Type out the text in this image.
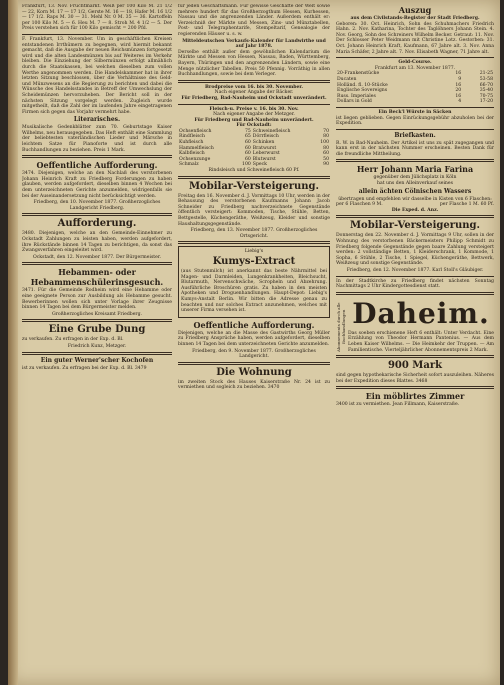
Frankfurt, 13. Nov. Fruchtmarkt. Weiß per 100 Kilo M. 21 1/2 — 22, Korn M. 17 — 17 1/2, Gerste M. 16 — 18, Hafer M. 16 1/2 — 17 1/2. Raps M. 30 — 31. Mehl Nr. 0 M. 35 — 36. Kartoffeln per 100 Kilo M. 5 — 6. Heu M. 7 — 8. Stroh M. 4 1/2 — 5. Der Preis verstehen sich für 100 Kilo gemischt = 200 Pfd.

F. Frankfurt, 13. November. Um in geschäftlichen Kreisen entstandenen Irrthümern zu begegnen, wird hiermit bekannt gemacht, daß die Ausgabe der neuen Reichsmünzen fortgesetzt wird und die alten Landesmünzen bis auf Weiteres im Verkehr bleiben. Die Einziehung der Silbermünzen erfolgt allmählich durch die Staatskassen, bei welchen dieselben zum vollen Werthe angenommen werden. Die Handelskammer hat in ihrer letzten Sitzung beschlossen, über die Verhältnisse des Geld- und Münzwesens an die Regierung zu berichten und dabei die Wünsche des Handelsstandes in Betreff der Umwechslung der Scheidemünzen hervorzuheben. Der Bericht soll in der nächsten Sitzung vorgelegt werden. Zugleich wurde mitgetheilt, daß die Zahl der im laufenden Jahre eingetragenen Firmen sich gegen das Vorjahr vermehrt habe.

Literarisches.

Musikalische Gedenkblätter zum 70. Geburtstage Kaiser Wilhelms, neu herausgegeben. Das Heft enthält eine Sammlung der beliebtesten vaterländischen Lieder und Märsche in leichtem Satze für Pianoforte und ist durch alle Buchhandlungen zu beziehen. Preis 1 Mark.

Oeffentliche Aufforderung.

3474. Diejenigen, welche an den Nachlaß des verstorbenen Johann Heinrich Kraft zu Friedberg Forderungen zu haben glauben, werden aufgefordert, dieselben binnen 4 Wochen bei dem unterzeichneten Gerichte anzumelden, widrigenfalls sie bei der Auseinandersetzung nicht berücksichtigt werden.

Friedberg, den 10. November 1877. Großherzogliches Landgericht Friedberg.

Aufforderung.

3480. Diejenigen, welche an den Gemeinde-Einnehmer zu Ockstadt Zahlungen zu leisten haben, werden aufgefordert, ihre Rückstände binnen 14 Tagen zu berichtigen, da sonst das Zwangsverfahren eingeleitet wird.

Ockstadt, den 12. November 1877. Der Bürgermeister.

Hebammen- oder Hebammenschülerinsgesuch.

3471. Für die Gemeinde Rodheim wird eine Hebamme oder eine geeignete Person zur Ausbildung als Hebamme gesucht. Bewerberinnen wollen sich unter Vorlage ihrer Zeugnisse binnen 14 Tagen bei dem Bürgermeister melden.

Großherzogliches Kreisamt Friedberg.

Eine Grube Dung

zu verkaufen. Zu erfragen in der Exp. d. Bl.

Friedrich Kunz, Metzger.

Ein guter Werner'scher Kochofen

ist zu verkaufen. Zu erfragen bei der Exp. d. Bl. 3479

für jeden Geschäftsmann. Für gewisse Geschäfte der Welt sowie mehrere hundert für das Großherzogthum Hessen, Kurhessen, Nassau und die angrenzenden Länder. Außerdem enthält er: Verzeichniß der Märkte und Messen, Zins- und Münztabellen, Post- und Telegraphentarife, Stempeltarif, Genealogie der regierenden Häuser u. s. w.

Mitteldeutschen Verkaufs-Kalender für Landwirthe und auf Jahr 1878.

Derselbe enthält außer dem gewöhnlichen Kalendarium die Märkte und Messen von Hessen, Nassau, Baden, Württemberg, Bayern, Thüringen und den angrenzenden Ländern, sowie eine Menge nützlicher Tabellen. Preis 50 Pfennig. Vorräthig in allen Buchhandlungen, sowie bei dem Verleger.

Brodpreise vom 16. bis 30. November.

Nach eigener Angabe der Bäcker.

Für Friedberg, Bad-Nauheim und Ockstadt unverändert.

Fleisch-u. Preise v. 16. bis 30. Nov.

Nach eigener Angabe der Metzger.

Für Friedberg und Bad-Nauheim unverändert.

Für Ockstadt:

Ochsenfleisch	75	Schweinefleisch	70
Rindfleisch	65	Dörrfleisch	80
Kuhfleisch	60	Schinken	100
Hammelfleisch	60	Bratwurst	80
Kalbfleisch	60	Leberwurst	60
Ochsenzunge	60	Blutwurst	50
Schmalz	100	Speck	90

Rindsleisch und Schweinefleisch 60 Pf.

Mobilar-Versteigerung.

Freitag den 16. November d. J. Vormittags 10 Uhr, werden in der Behausung des verstorbenen Kaufmanns Johann Jacob Schneider zu Friedberg nachverzeichnete Gegenstände öffentlich versteigert: Kommoden, Tische, Stühle, Betten, Bettgestelle, Küchengeräthe, Weißzeug, Kleider und sonstige Haushaltungsgegenstände.

Friedberg, den 13. November 1877. Großherzogliches Ortsgericht.

Liebig's

Kumys-Extract

(aus Stutenmilch) ist anerkannt das beste Nährmittel bei Magen- und Darmleiden, Lungenkrankheiten, Bleichsucht, Blutarmuth, Nervenschwäche, Scropheln und Abzehrung. Ausführliche Broschüren gratis. Zu haben in den meisten Apotheken und Droguenhandlungen. Haupt-Depot: Liebig's Kumys-Anstalt Berlin. Wir bitten die Adresse genau zu beachten und nur solches Extract anzunehmen, welches mit unserer Firma versehen ist.

Oeffentliche Aufforderung.

Diejenigen, welche an die Masse des Gastwirths Georg Müller zu Friedberg Ansprüche haben, werden aufgefordert, dieselben binnen 14 Tagen bei dem unterzeichneten Gerichte anzumelden.

Friedberg, den 9. November 1877. Großherzogliches Landgericht.

Die Wohnung

im zweiten Stock des Hauses Kaiserstraße Nr. 24 ist zu vermiethen und sogleich zu beziehen. 3470

Auszug

aus dem Civilstands-Register der Stadt Friedberg.

Geboren: 30. Oct. Heinrich, Sohn des Schuhmachers Friedrich Hahn. 2. Nov. Katharina, Tochter des Taglöhners Johann Stein. 4. Nov. Georg, Sohn des Schreiners Wilhelm Becker. Getraut: 11. Nov. Der Schlosser Peter Weidmann mit Christine Lotz. Gestorben: 31. Oct. Johann Heinrich Kraft, Kaufmann, 67 Jahre alt. 3. Nov. Anna Maria Schäfer, 2 Jahre alt. 7. Nov. Elisabeth Wagner, 71 Jahre alt.

Geld-Course.

Frankfurt am 13. November 1877.

20-Frankenstücke	16	21-25
Ducaten	9	53-58
Holländ. fl. 10-Stücke	16	66-70
Englische Sovereigns	20	35-40
Russ. Imperiales	16	70-75
Dollars in Gold	4	17-20

Ein Beck'l Würste in Säcken

ist liegen geblieben. Gegen Einrückungsgebühr abzuholen bei der Expedition.

Briefkasten.

R. W. in Bad-Nauheim. Der Artikel ist uns zu spät zugegangen und kann erst in der nächsten Nummer erscheinen. Besten Dank für die freundliche Mittheilung.

Herr Johann Maria Farina

gegenüber dem Jülichsplatz in Köln

hat uns den Alleinverkauf seines

allein ächten Cölnischen Wassers

übertragen und empfehlen wir dasselbe in Kisten von 6 Flaschen:

per 6 Flaschen 9 M.	per Flasche 1 M. 60 Pf.

Die Exped. d. Anz.

Mobilar-Versteigerung.

Donnerstag den 22. November d. J. Vormittags 9 Uhr, sollen in der Wohnung des verstorbenen Bäckermeisters Philipp Schmidt zu Friedberg folgende Gegenstände gegen baare Zahlung versteigert werden: 2 vollständige Betten, 1 Kleiderschrank, 1 Kommode, 1 Sopha, 6 Stühle, 2 Tische, 1 Spiegel, Küchengeräthe, Bettwerk, Weißzeug und sonstige Gegenstände.

Friedberg, den 12. November 1877. Karl Stoll's Gläubiger.

In der Stadtkirche zu Friedberg findet nächsten Sonntag Nachmittags 2 Uhr Kindergottesdienst statt.

Abonnements durch alle Buchhandlungen Daheim.

Das soeben erschienene Heft 6 enthält: Unter Verdacht. Eine Erzählung von Theodor Hermann Pantenius. — Aus dem Leben Kaiser Wilhelms. — Die Heimkehr der Truppen. — Am Familientische. Vierteljährlicher Abonnementspreis 2 Mark.

900 Mark

sind gegen hypothekarische Sicherheit sofort auszuleihen. Näheres bei der Expedition dieses Blattes. 3468

Ein möblirtes Zimmer

3400 ist zu vermiethen. Jean Fillmann, Kaiserstraße.
